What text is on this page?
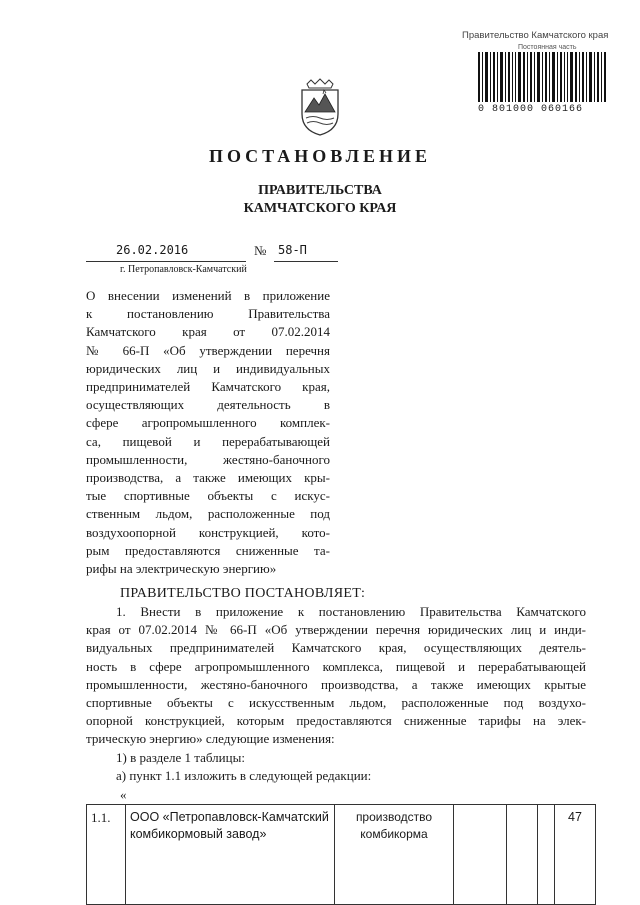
Правительство Камчатского края
Постоянная часть
0 801000 060166
ПОСТАНОВЛЕНИЕ
ПРАВИТЕЛЬСТВА
КАМЧАТСКОГО КРАЯ
26.02.2016	№ 58-П
г. Петропавловск-Камчатский
О внесении изменений в приложение
к постановлению Правительства
Камчатского края от 07.02.2014
№ 66-П «Об утверждении перечня
юридических лиц и индивидуальных
предпринимателей Камчатского края,
осуществляющих деятельность в
сфере агропромышленного комплек-
са, пищевой и перерабатывающей
промышленности, жестяно-баночного
производства, а также имеющих кры-
тые спортивные объекты с искус-
ственным льдом, расположенные под
воздухоопорной конструкцией, кото-
рым предоставляются сниженные та-
рифы на электрическую энергию»
ПРАВИТЕЛЬСТВО ПОСТАНОВЛЯЕТ:
1. Внести в приложение к постановлению Правительства Камчатского
края от 07.02.2014 № 66-П «Об утверждении перечня юридических лиц и инди-
видуальных предпринимателей Камчатского края, осуществляющих деятель-
ность в сфере агропромышленного комплекса, пищевой и перерабатывающей
промышленности, жестяно-баночного производства, а также имеющих крытые
спортивные объекты с искусственным льдом, расположенные под воздухо-
опорной конструкцией, которым предоставляются сниженные тарифы на элек-
трическую энергию» следующие изменения:
1) в разделе 1 таблицы:
а) пункт 1.1 изложить в следующей редакции:
«
1.1.	ООО «Петропавловск-Камчатский комбикормовый завод»	производство комбикорма				47
